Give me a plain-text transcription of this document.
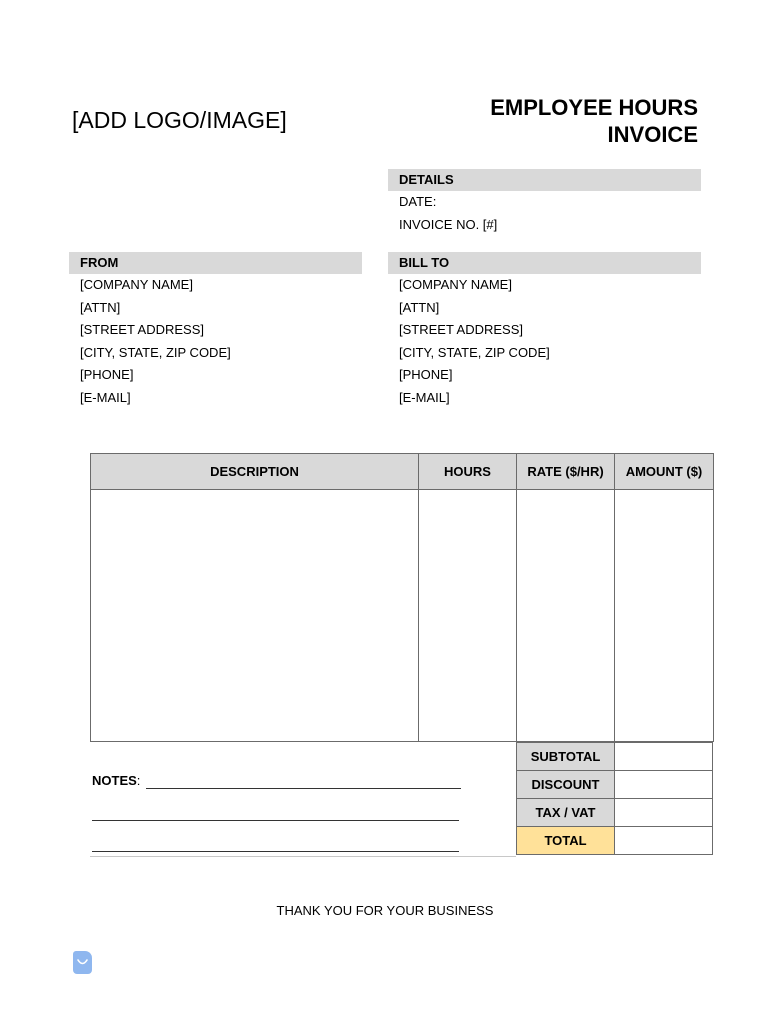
[ADD LOGO/IMAGE]	EMPLOYEE HOURS
INVOICE
DETAILS
DATE:
INVOICE NO. [#]
FROM
[COMPANY NAME]
[ATTN]
[STREET ADDRESS]
[CITY, STATE, ZIP CODE]
[PHONE]
[E-MAIL]
BILL TO
[COMPANY NAME]
[ATTN]
[STREET ADDRESS]
[CITY, STATE, ZIP CODE]
[PHONE]
[E-MAIL]
DESCRIPTION	HOURS	RATE ($/HR)	AMOUNT ($)

SUBTOTAL	
DISCOUNT	
TAX / VAT	
TOTAL	
NOTES:
THANK YOU FOR YOUR BUSINESS
